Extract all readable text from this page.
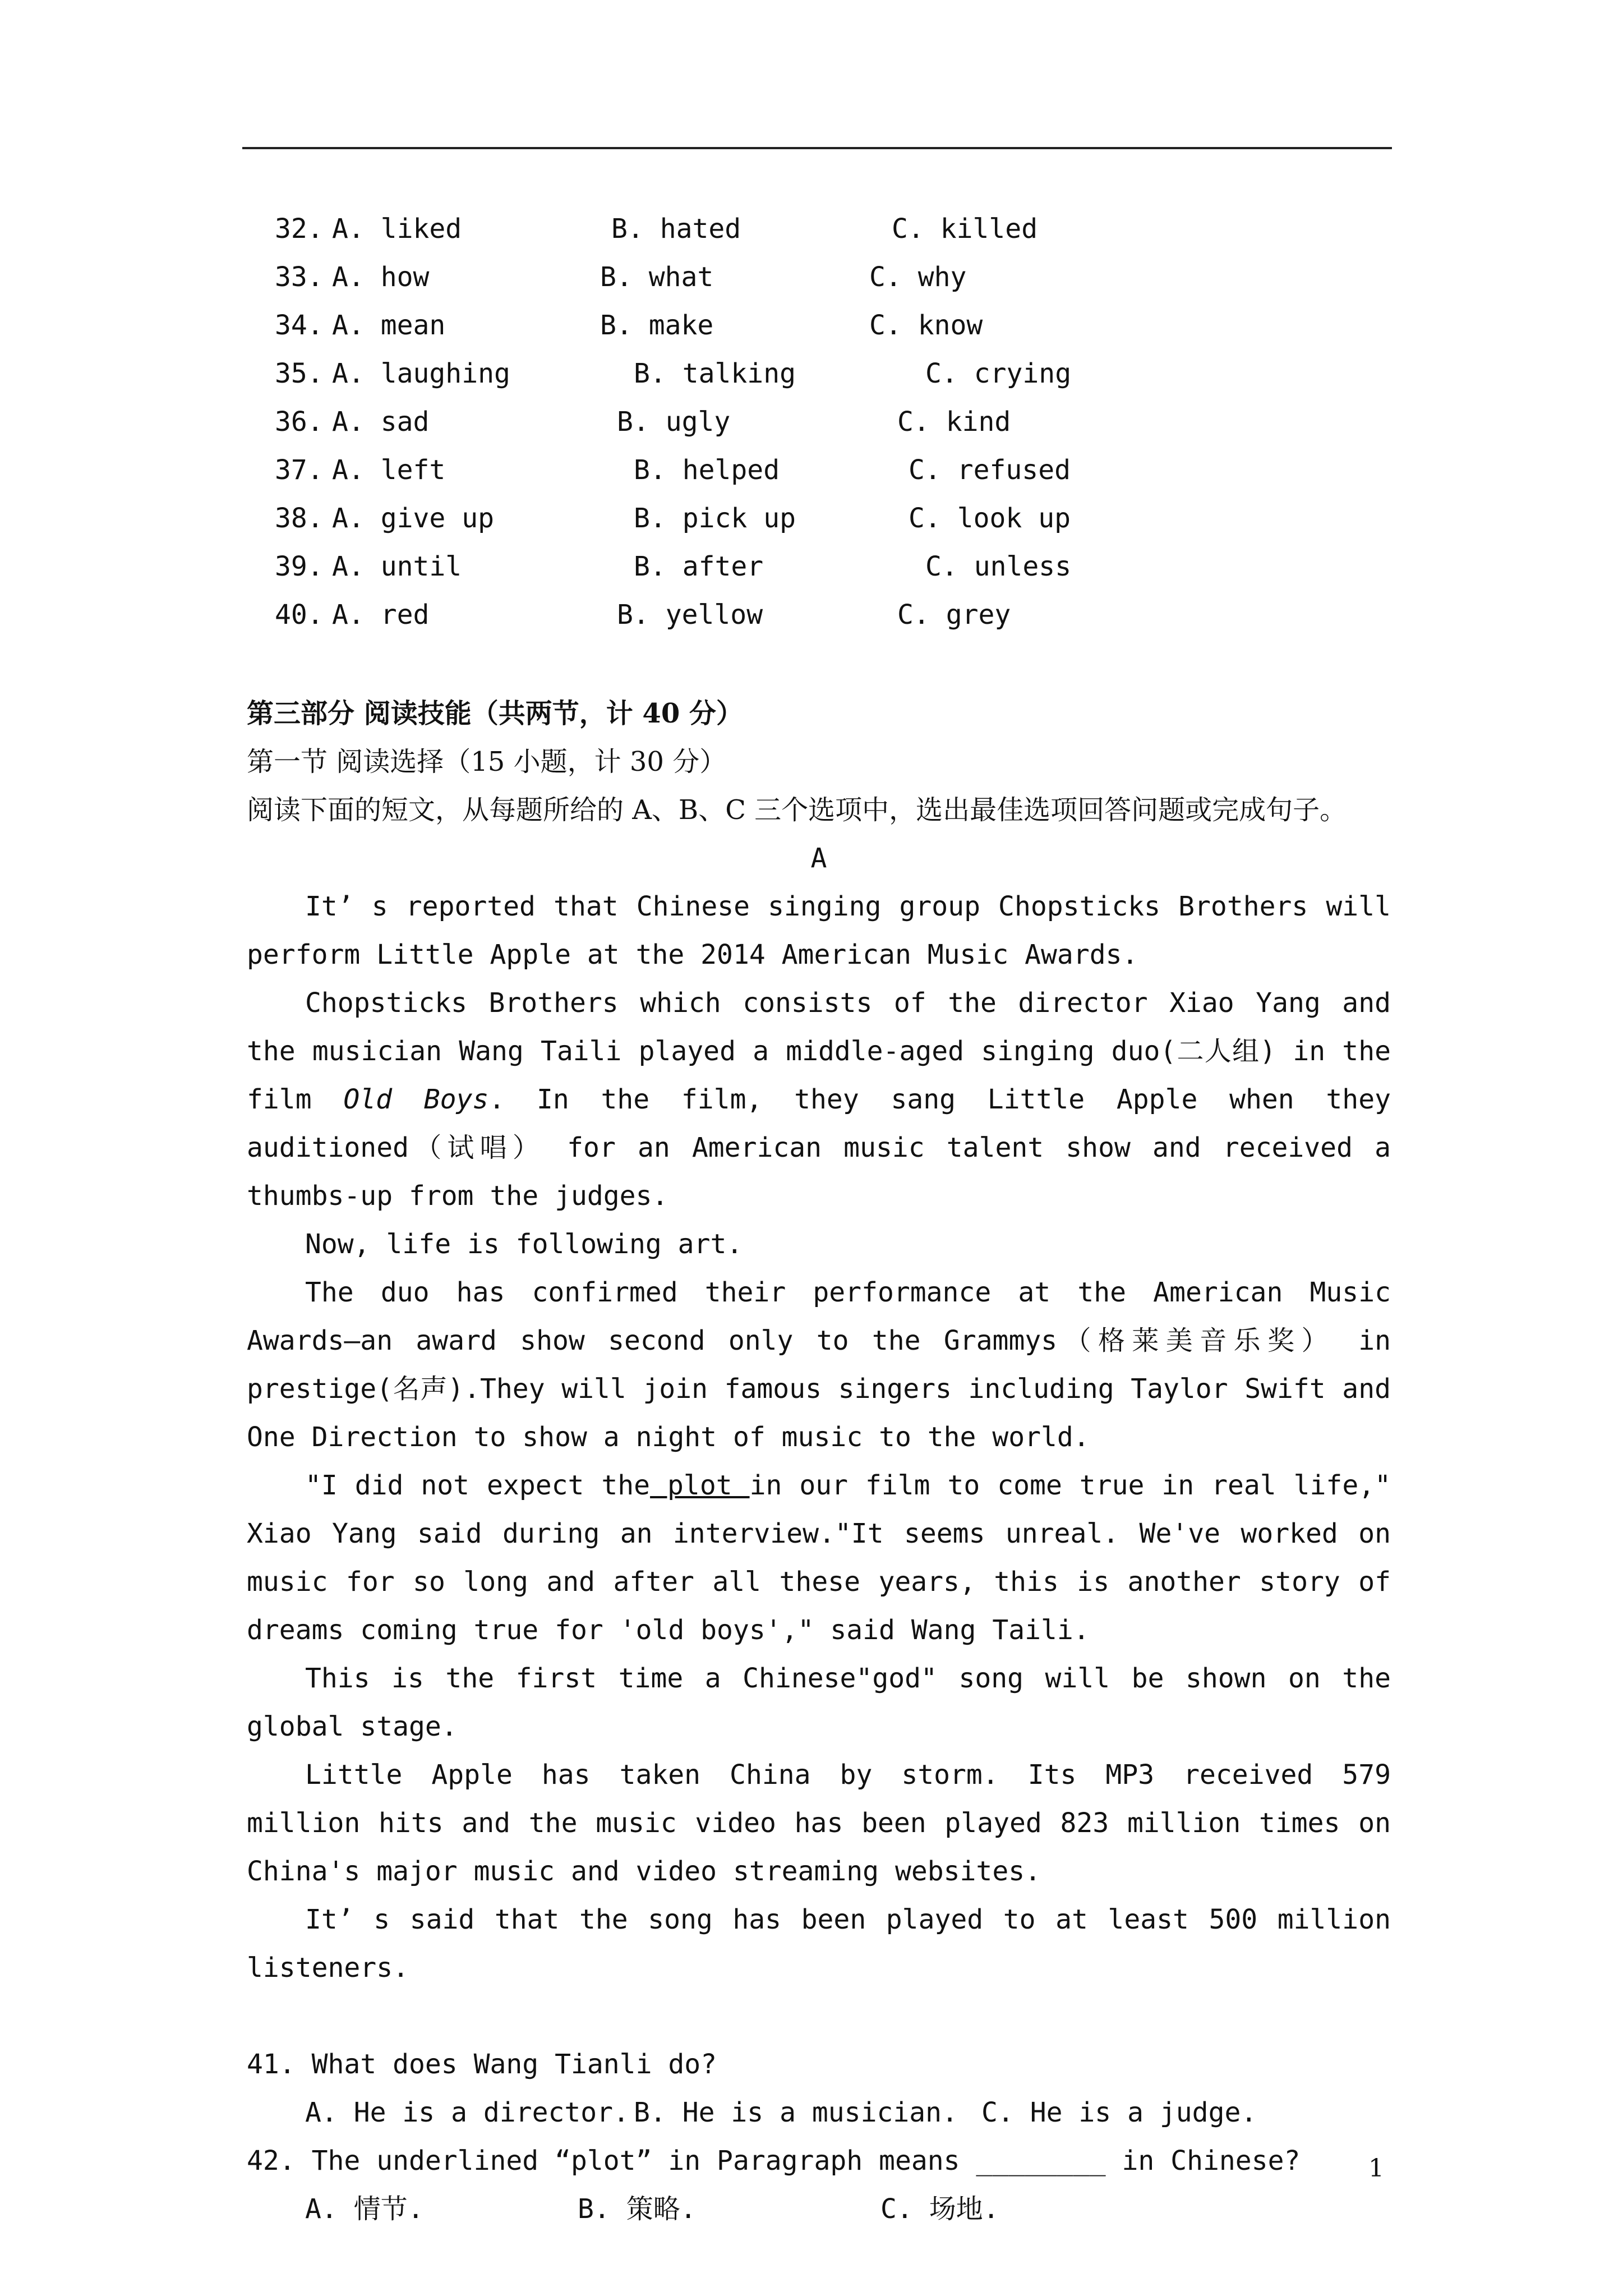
32. A. liked	B. hated	C. killed
33. A. how	B. what	C. why
34. A. mean	B. make	C. know
35. A. laughing	B. talking	C. crying
36. A. sad	B. ugly	C. kind
37. A. left	B. helped	C. refused
38. A. give up	B. pick up	C. look up
39. A. until	B. after	C. unless
40. A. red	B. yellow	C. grey
第三部分 阅读技能（共两节，计 40 分）
第一节 阅读选择（15 小题，计 30 分）
阅读下面的短文，从每题所给的 A、B、C 三个选项中，选出最佳选项回答问题或完成句子。
A

It’ s reported that Chinese singing group Chopsticks Brothers will perform Little Apple at the 2014 American Music Awards.

Chopsticks Brothers which consists of the director Xiao Yang and the musician Wang Taili played a middle-aged singing duo(二人组) in the film Old Boys. In the film, they sang Little Apple when they auditioned（试唱） for an American music talent show and received a thumbs-up from the judges.

Now, life is following art.

The duo has confirmed their performance at the American Music Awards—an award show second only to the Grammys（格莱美音乐奖） in prestige(名声).They will join famous singers including Taylor Swift and One Direction to show a night of music to the world.

"I did not expect the plot in our film to come true in real life," Xiao Yang said during an interview."It seems unreal. We've worked on music for so long and after all these years, this is another story of dreams coming true for 'old boys'," said Wang Taili.

This is the first time a Chinese"god" song will be shown on the global stage.

Little Apple has taken China by storm. Its MP3 received 579 million hits and the music video has been played 823 million times on China's major music and video streaming websites.

It’ s said that the song has been played to at least 500 million listeners.

41. What does Wang Tianli do?
A. He is a director. B. He is a musician. C. He is a judge.
42. The underlined “plot” in Paragraph means ________ in Chinese?
A. 情节.	B. 策略.	C. 场地.
1
